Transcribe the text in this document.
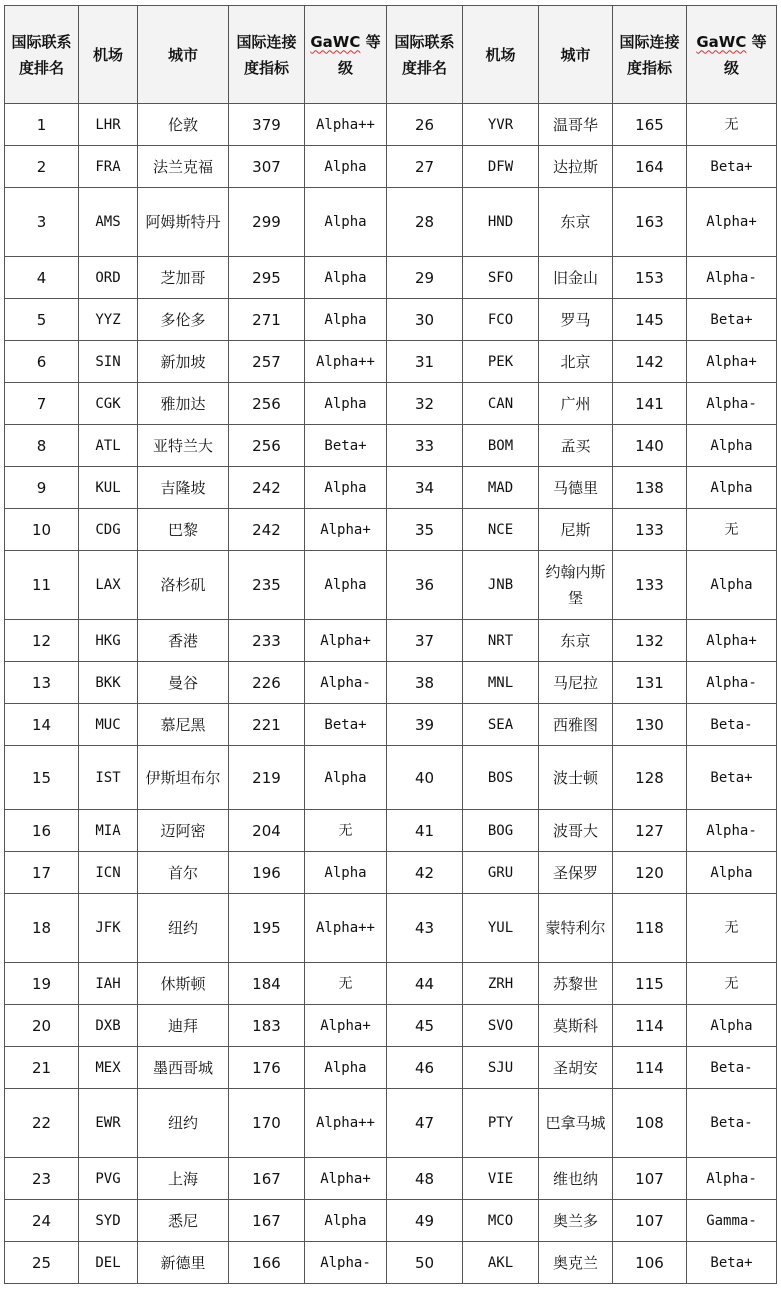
国际联系度排名	机场	城市	国际连接度指标	GaWC 等级	国际联系度排名	机场	城市	国际连接度指标	GaWC 等级
1	LHR	伦敦	379	Alpha++	26	YVR	温哥华	165	无
2	FRA	法兰克福	307	Alpha	27	DFW	达拉斯	164	Beta+
3	AMS	阿姆斯特丹	299	Alpha	28	HND	东京	163	Alpha+
4	ORD	芝加哥	295	Alpha	29	SFO	旧金山	153	Alpha-
5	YYZ	多伦多	271	Alpha	30	FCO	罗马	145	Beta+
6	SIN	新加坡	257	Alpha++	31	PEK	北京	142	Alpha+
7	CGK	雅加达	256	Alpha	32	CAN	广州	141	Alpha-
8	ATL	亚特兰大	256	Beta+	33	BOM	孟买	140	Alpha
9	KUL	吉隆坡	242	Alpha	34	MAD	马德里	138	Alpha
10	CDG	巴黎	242	Alpha+	35	NCE	尼斯	133	无
11	LAX	洛杉矶	235	Alpha	36	JNB	约翰内斯堡	133	Alpha
12	HKG	香港	233	Alpha+	37	NRT	东京	132	Alpha+
13	BKK	曼谷	226	Alpha-	38	MNL	马尼拉	131	Alpha-
14	MUC	慕尼黑	221	Beta+	39	SEA	西雅图	130	Beta-
15	IST	伊斯坦布尔	219	Alpha	40	BOS	波士顿	128	Beta+
16	MIA	迈阿密	204	无	41	BOG	波哥大	127	Alpha-
17	ICN	首尔	196	Alpha	42	GRU	圣保罗	120	Alpha
18	JFK	纽约	195	Alpha++	43	YUL	蒙特利尔	118	无
19	IAH	休斯顿	184	无	44	ZRH	苏黎世	115	无
20	DXB	迪拜	183	Alpha+	45	SVO	莫斯科	114	Alpha
21	MEX	墨西哥城	176	Alpha	46	SJU	圣胡安	114	Beta-
22	EWR	纽约	170	Alpha++	47	PTY	巴拿马城	108	Beta-
23	PVG	上海	167	Alpha+	48	VIE	维也纳	107	Alpha-
24	SYD	悉尼	167	Alpha	49	MCO	奥兰多	107	Gamma-
25	DEL	新德里	166	Alpha-	50	AKL	奥克兰	106	Beta+
